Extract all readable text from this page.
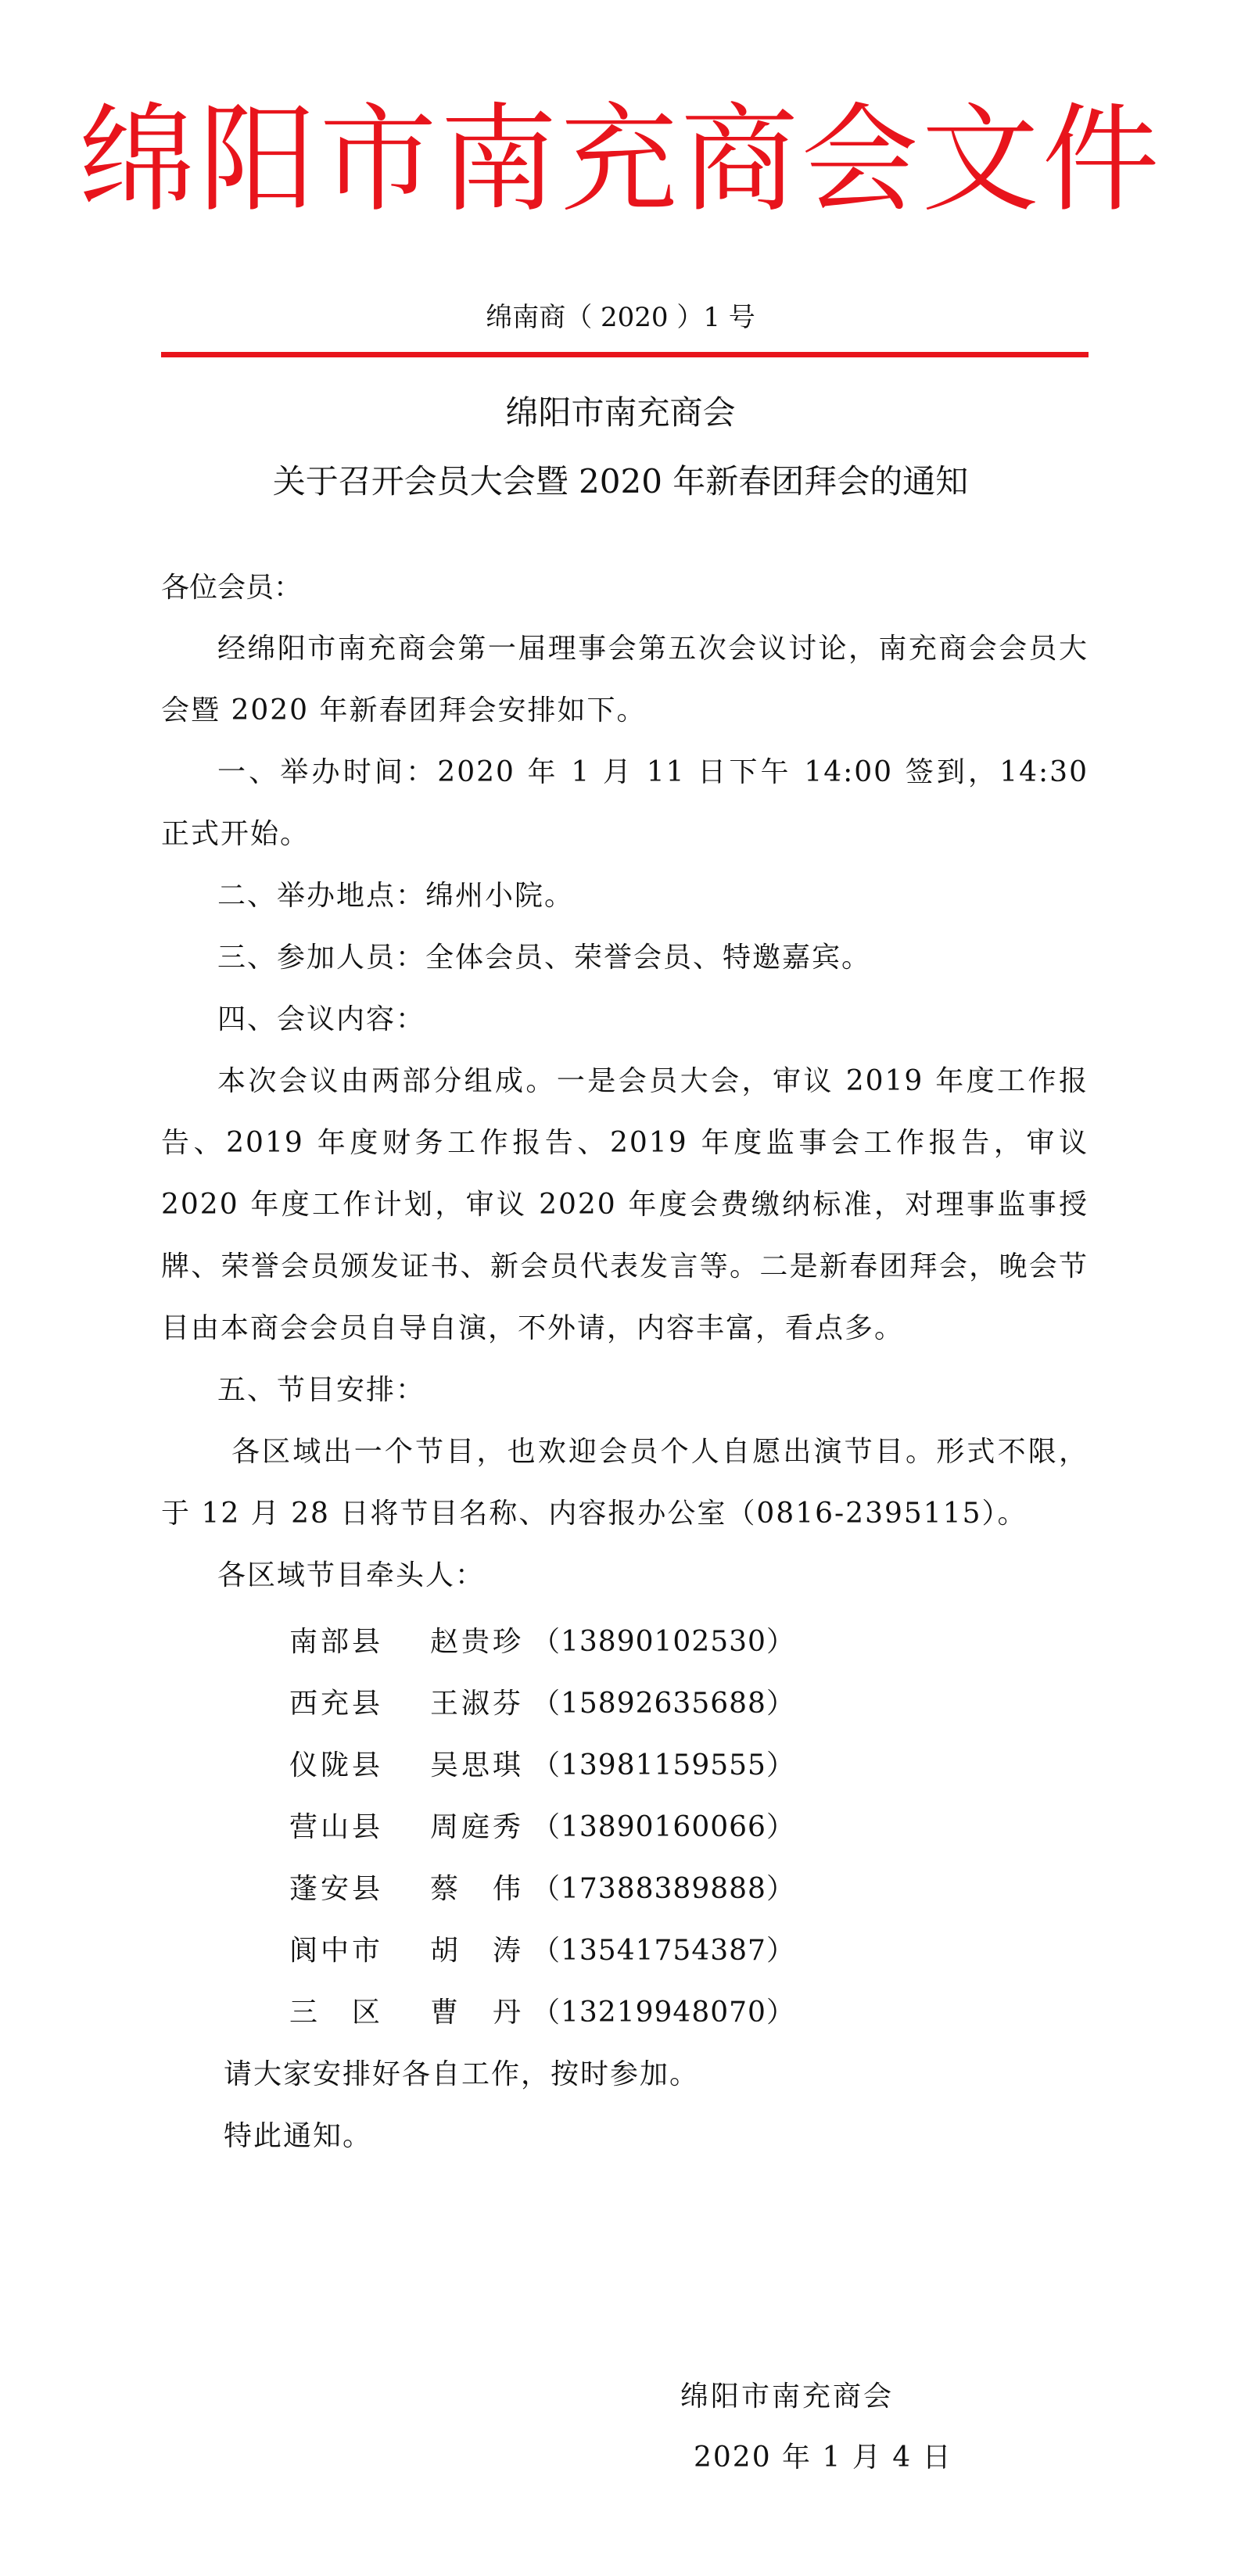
绵阳市南充商会文件
绵南商（ 2020 ）1 号
绵阳市南充商会
关于召开会员大会暨 2020 年新春团拜会的通知
各位会员：

经绵阳市南充商会第一届理事会第五次会议讨论，南充商会会员大会暨 2020 年新春团拜会安排如下。

一、举办时间：2020 年 1 月 11 日下午 14:00 签到，14:30 正式开始。

二、举办地点：绵州小院。

三、参加人员：全体会员、荣誉会员、特邀嘉宾。

四、会议内容：

本次会议由两部分组成。一是会员大会，审议 2019 年度工作报告、2019 年度财务工作报告、2019 年度监事会工作报告，审议 2020 年度工作计划，审议 2020 年度会费缴纳标准，对理事监事授牌、荣誉会员颁发证书、新会员代表发言等。二是新春团拜会，晚会节目由本商会会员自导自演，不外请，内容丰富，看点多。

五、节目安排：

各区域出一个节目，也欢迎会员个人自愿出演节目。形式不限，于 12 月 28 日将节目名称、内容报办公室（0816-2395115）。

各区域节目牵头人：

南部县	赵贵珍 （13890102530）
西充县	王淑芬 （15892635688）
仪陇县	吴思琪 （13981159555）
营山县	周庭秀 （13890160066）
蓬安县	蔡　伟 （17388389888）
阆中市	胡　涛 （13541754387）
三　区	曹　丹 （13219948070）
请大家安排好各自工作，按时参加。
特此通知。
绵阳市南充商会
2020 年 1 月 4 日
